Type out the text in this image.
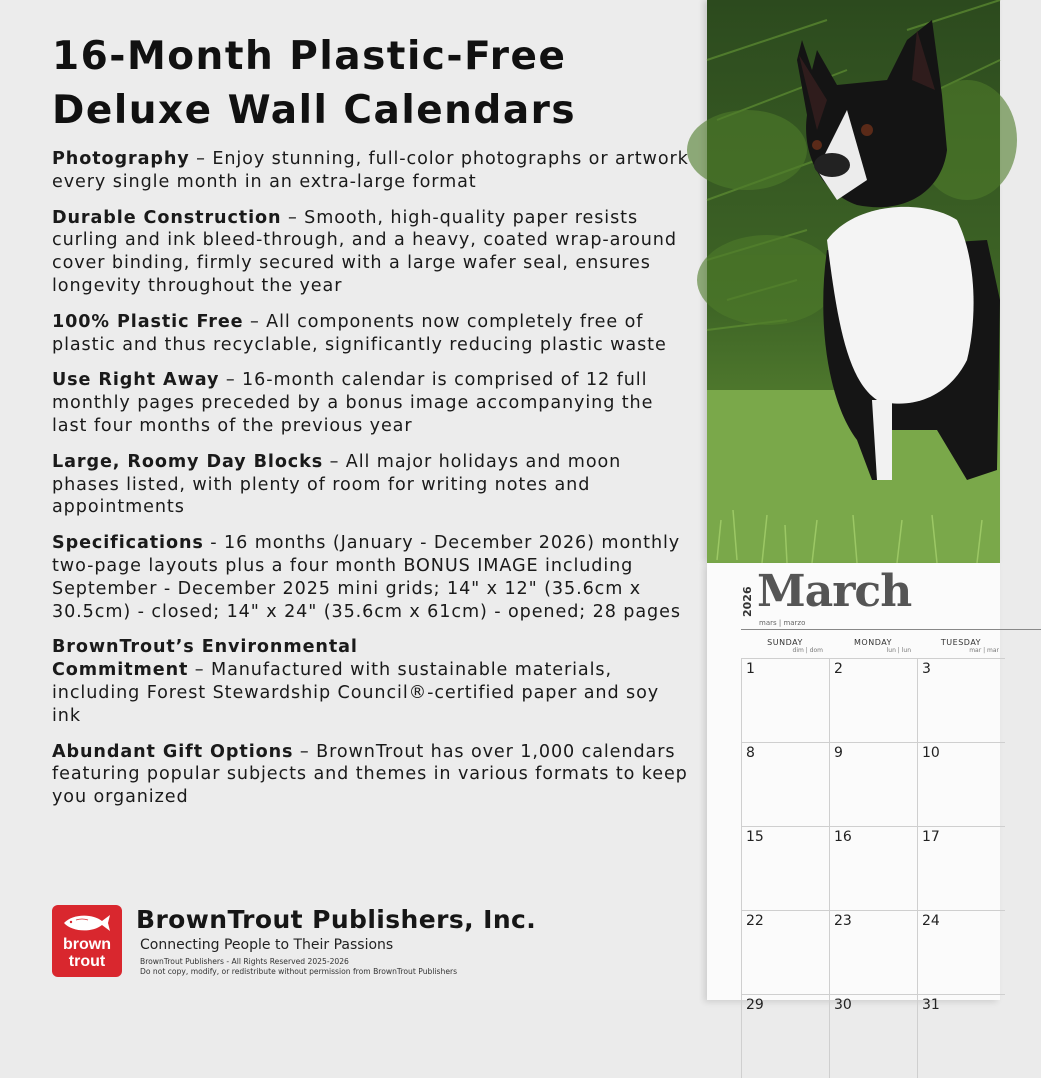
16-Month Plastic-Free
Deluxe Wall Calendars

Photography – Enjoy stunning, full-color photographs or artwork every single month in an extra-large format

Durable Construction – Smooth, high-quality paper resists curling and ink bleed-through, and a heavy, coated wrap-around cover binding, firmly secured with a large wafer seal, ensures longevity throughout the year

100% Plastic Free – All components now completely free of plastic and thus recyclable, significantly reducing plastic waste

Use Right Away – 16-month calendar is comprised of 12 full monthly pages preceded by a bonus image accompanying the last four months of the previous year

Large, Roomy Day Blocks – All major holidays and moon phases listed, with plenty of room for writing notes and appointments

Specifications - 16 months (January - December 2026) monthly two-page layouts plus a four month BONUS IMAGE including September - December 2025 mini grids; 14" x 12" (35.6cm x 30.5cm) - closed; 14" x 24" (35.6cm x 61cm) - opened; 28 pages

BrownTrout’s Environmental
Commitment – Manufactured with sustainable materials, including Forest Stewardship Council®-certified paper and soy ink

Abundant Gift Options – BrownTrout has over 1,000 calendars featuring popular subjects and themes in various formats to keep you organized

brown
trout
BrownTrout Publishers, Inc.
Connecting People to Their Passions
BrownTrout Publishers - All Rights Reserved 2025-2026
Do not copy, modify, or redistribute without permission from BrownTrout Publishers
2026 March
mars | marzo
SUNDAY
dim | dom
MONDAY
lun | lun
TUESDAY
mar | mar
1	2	3
8	9	10
15	16	17
22	23	24
29	30	31
